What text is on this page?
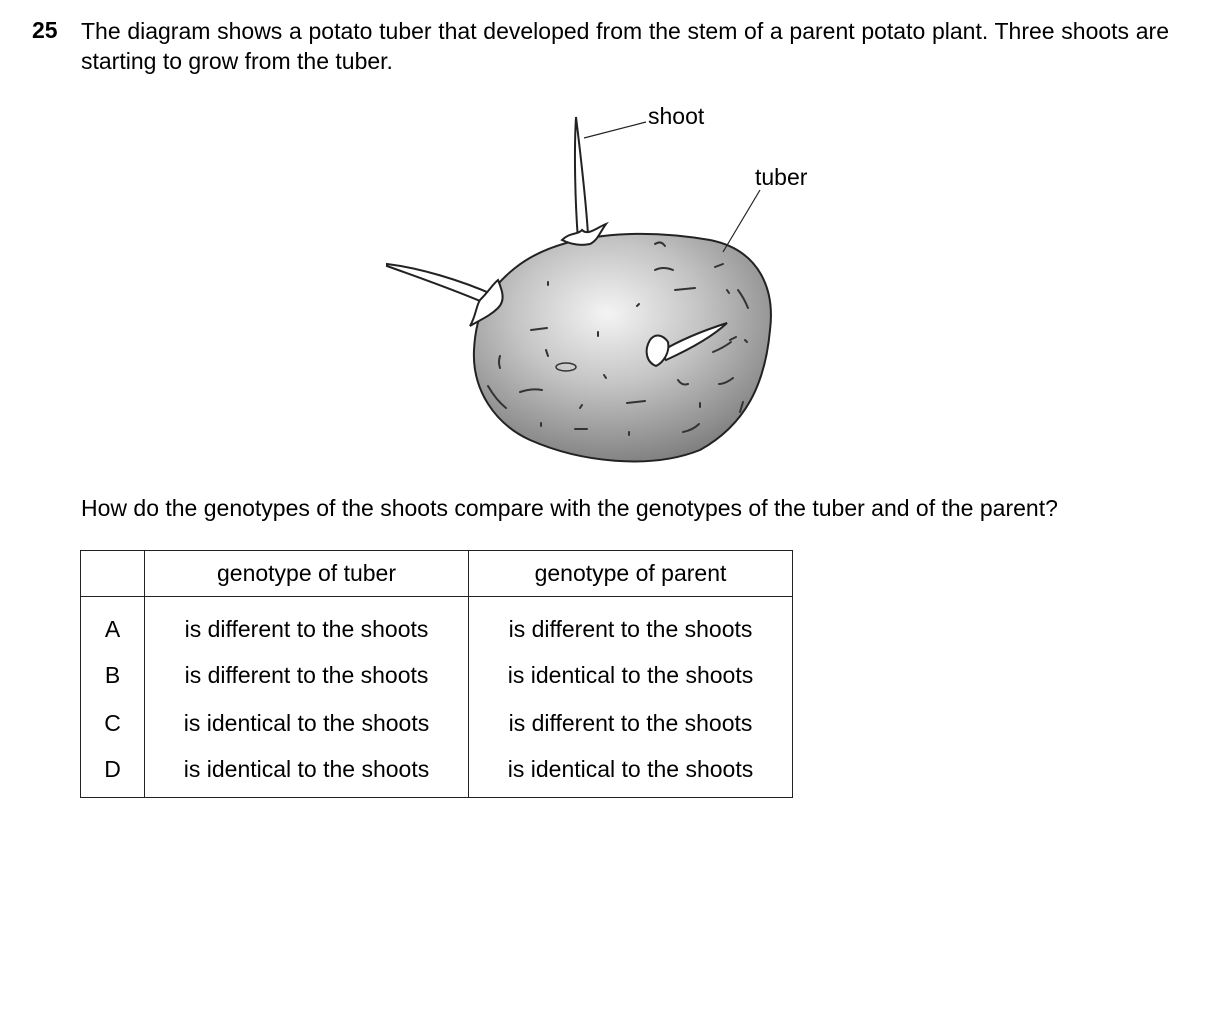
25 The diagram shows a potato tuber that developed from the stem of a parent potato plant. Three shoots are starting to grow from the tuber.
shoot
tuber
How do the genotypes of the shoots compare with the genotypes of the tuber and of the parent?
	genotype of tuber	genotype of parent
A	is different to the shoots	is different to the shoots
B	is different to the shoots	is identical to the shoots
C	is identical to the shoots	is different to the shoots
D	is identical to the shoots	is identical to the shoots
